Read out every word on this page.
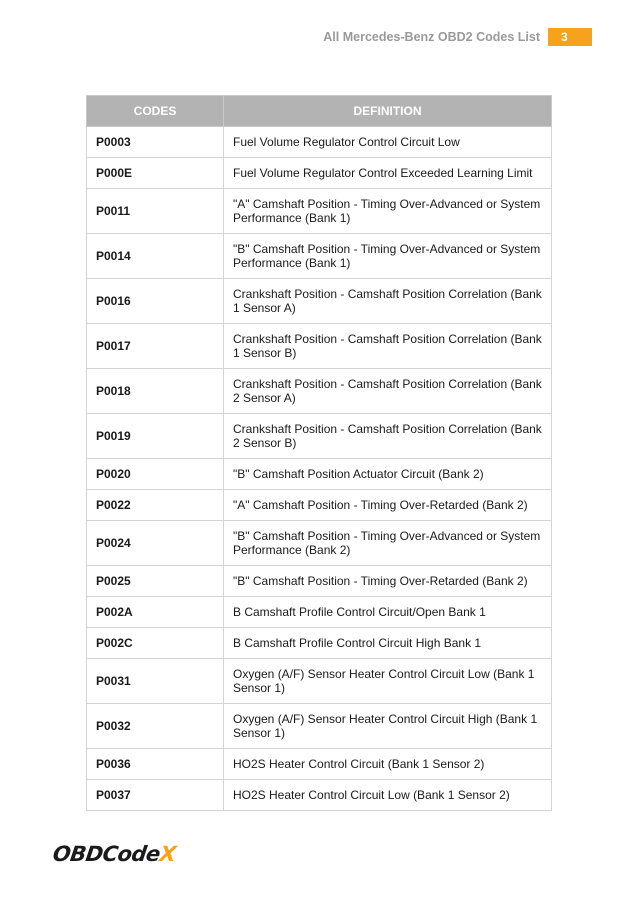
All Mercedes-Benz OBD2 Codes List	3
CODES	DEFINITION
P0003	Fuel Volume Regulator Control Circuit Low
P000E	Fuel Volume Regulator Control Exceeded Learning Limit
P0011	"A" Camshaft Position - Timing Over-Advanced or System Performance (Bank 1)
P0014	"B" Camshaft Position - Timing Over-Advanced or System Performance (Bank 1)
P0016	Crankshaft Position - Camshaft Position Correlation (Bank 1 Sensor A)
P0017	Crankshaft Position - Camshaft Position Correlation (Bank 1 Sensor B)
P0018	Crankshaft Position - Camshaft Position Correlation (Bank 2 Sensor A)
P0019	Crankshaft Position - Camshaft Position Correlation (Bank 2 Sensor B)
P0020	"B" Camshaft Position Actuator Circuit (Bank 2)
P0022	"A" Camshaft Position - Timing Over-Retarded (Bank 2)
P0024	"B" Camshaft Position - Timing Over-Advanced or System Performance (Bank 2)
P0025	"B" Camshaft Position - Timing Over-Retarded (Bank 2)
P002A	B Camshaft Profile Control Circuit/Open Bank 1
P002C	B Camshaft Profile Control Circuit High Bank 1
P0031	Oxygen (A/F) Sensor Heater Control Circuit Low (Bank 1 Sensor 1)
P0032	Oxygen (A/F) Sensor Heater Control Circuit High (Bank 1 Sensor 1)
P0036	HO2S Heater Control Circuit (Bank 1 Sensor 2)
P0037	HO2S Heater Control Circuit Low (Bank 1 Sensor 2)
OBDCodeX
